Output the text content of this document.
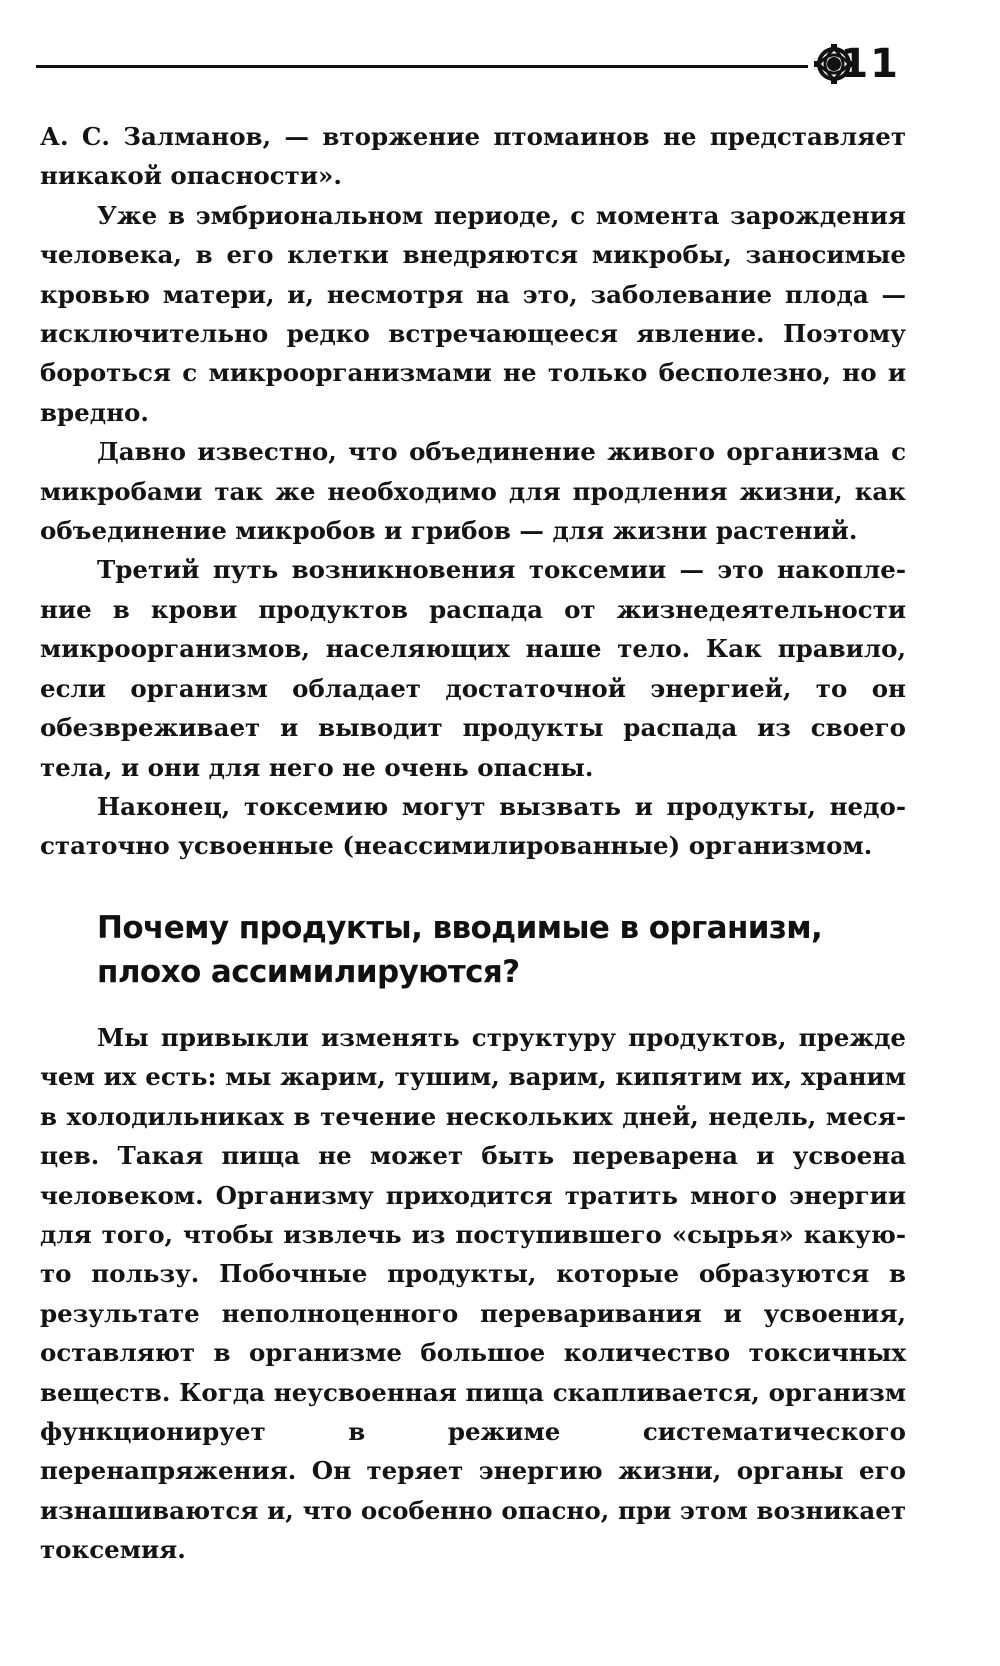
11

А. С. Залманов, — вторжение птомаинов не представляет никакой опасности».

Уже в эмбриональном периоде, с момента зарождения человека, в его клетки внедряются микробы, заносимые кровью матери, и, несмотря на это, заболевание плода — исключительно редко встречающееся явление. Поэтому бороться с микроорганизмами не только бесполезно, но и вредно.

Давно известно, что объединение живого организма с микробами так же необходимо для продления жизни, как объединение микробов и грибов — для жизни растений.

Третий путь возникновения токсемии — это накопление в крови продуктов распада от жизнедеятельности микроорганизмов, населяющих наше тело. Как правило, если организм обладает достаточной энергией, то он обезвреживает и выводит продукты распада из своего тела, и они для него не очень опасны.

Наконец, токсемию могут вызвать и продукты, недостаточно усвоенные (неассимилированные) организмом.

Почему продукты, вводимые в организм, плохо ассимилируются?

Мы привыкли изменять структуру продуктов, прежде чем их есть: мы жарим, тушим, варим, кипятим их, храним в холодильниках в течение нескольких дней, недель, месяцев. Такая пища не может быть переварена и усвоена человеком. Организму приходится тратить много энергии для того, чтобы извлечь из поступившего «сырья» какую-то пользу. Побочные продукты, которые образуются в результате неполноценного переваривания и усвоения, оставляют в организме большое количество токсичных веществ. Когда неусвоенная пища скапливается, организм функционирует в режиме систематического перенапряжения. Он теряет энергию жизни, органы его изнашиваются и, что особенно опасно, при этом возникает токсемия.
